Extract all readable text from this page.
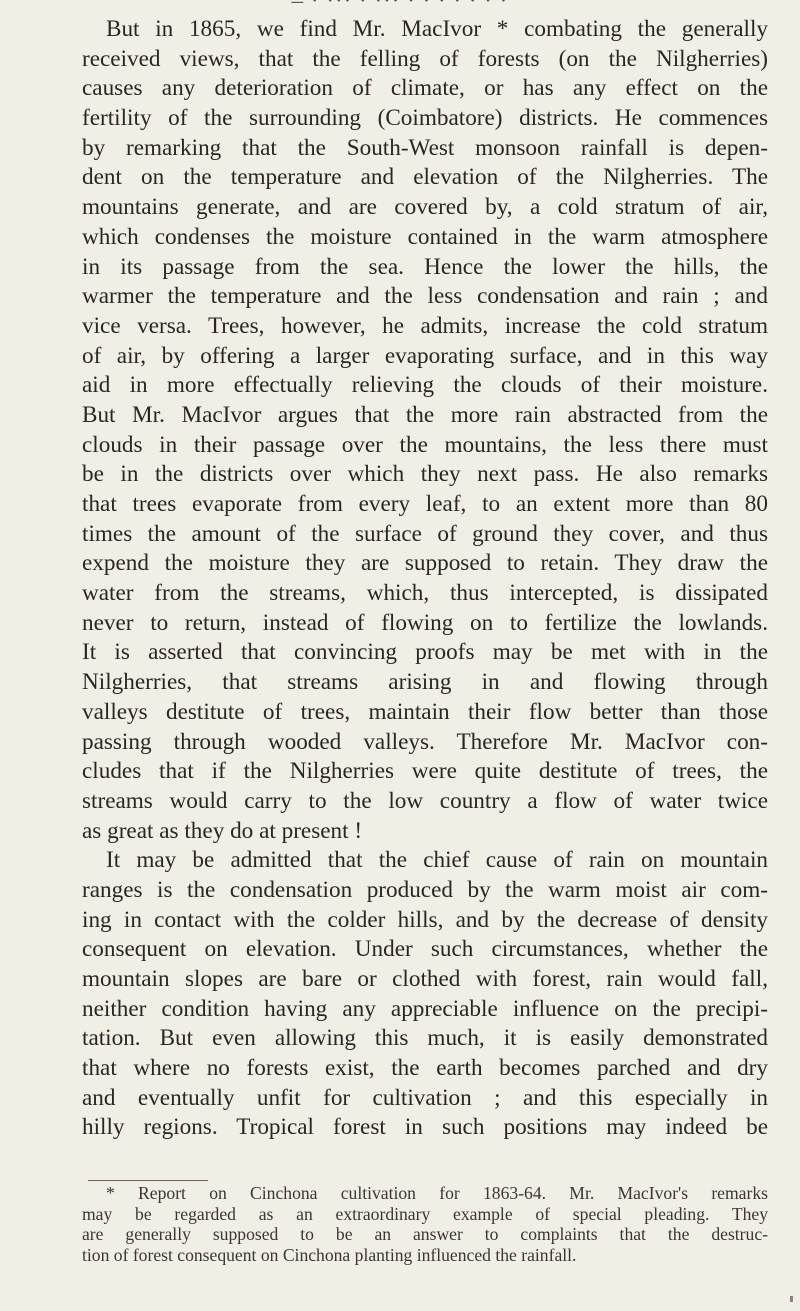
– · ··· · ··· · · · · · · ·
But in 1865, we find Mr. MacIvor * combating the generally
received views, that the felling of forests (on the Nilgherries)
causes any deterioration of climate, or has any effect on the
fertility of the surrounding (Coimbatore) districts. He commences
by remarking that the South-West monsoon rainfall is depen-
dent on the temperature and elevation of the Nilgherries. The
mountains generate, and are covered by, a cold stratum of air,
which condenses the moisture contained in the warm atmosphere
in its passage from the sea. Hence the lower the hills, the
warmer the temperature and the less condensation and rain ; and
vice versa. Trees, however, he admits, increase the cold stratum
of air, by offering a larger evaporating surface, and in this way
aid in more effectually relieving the clouds of their moisture.
But Mr. MacIvor argues that the more rain abstracted from the
clouds in their passage over the mountains, the less there must
be in the districts over which they next pass. He also remarks
that trees evaporate from every leaf, to an extent more than 80
times the amount of the surface of ground they cover, and thus
expend the moisture they are supposed to retain. They draw the
water from the streams, which, thus intercepted, is dissipated
never to return, instead of flowing on to fertilize the lowlands.
It is asserted that convincing proofs may be met with in the
Nilgherries, that streams arising in and flowing through
valleys destitute of trees, maintain their flow better than those
passing through wooded valleys. Therefore Mr. MacIvor con-
cludes that if the Nilgherries were quite destitute of trees, the
streams would carry to the low country a flow of water twice
as great as they do at present !
It may be admitted that the chief cause of rain on mountain
ranges is the condensation produced by the warm moist air com-
ing in contact with the colder hills, and by the decrease of density
consequent on elevation. Under such circumstances, whether the
mountain slopes are bare or clothed with forest, rain would fall,
neither condition having any appreciable influence on the precipi-
tation. But even allowing this much, it is easily demonstrated
that where no forests exist, the earth becomes parched and dry
and eventually unfit for cultivation ; and this especially in
hilly regions. Tropical forest in such positions may indeed be
* Report on Cinchona cultivation for 1863-64. Mr. MacIvor's remarks
may be regarded as an extraordinary example of special pleading. They
are generally supposed to be an answer to complaints that the destruc-
tion of forest consequent on Cinchona planting influenced the rainfall.
